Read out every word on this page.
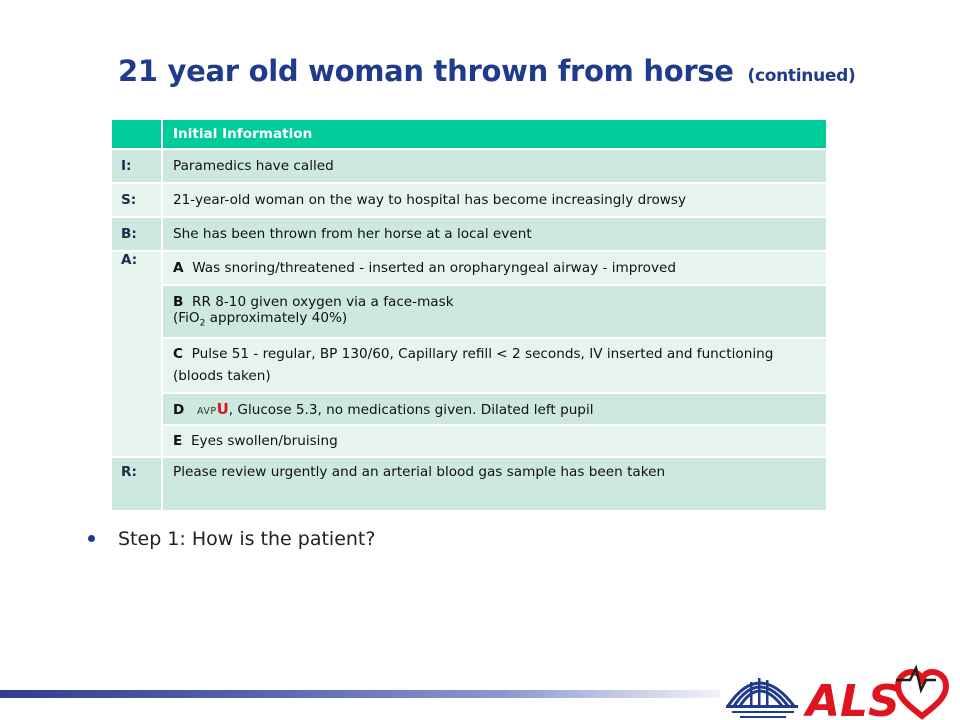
21 year old woman thrown from horse (continued)
	Initial Information
I:	Paramedics have called
S:	21-year-old woman on the way to hospital has become increasingly drowsy
B:	She has been thrown from her horse at a local event
A:	A Was snoring/threatened - inserted an oropharyngeal airway - improved
	B RR 8-10 given oxygen via a face-mask
(FiO$_2$ approximately 40%)
	C Pulse 51 - regular, BP 130/60, Capillary refill < 2 seconds, IV inserted and functioning (bloods taken)
	D AVPU, Glucose 5.3, no medications given. Dilated left pupil
	E Eyes swollen/bruising
R:	Please review urgently and an arterial blood gas sample has been taken
Step 1: How is the patient?
ALS
